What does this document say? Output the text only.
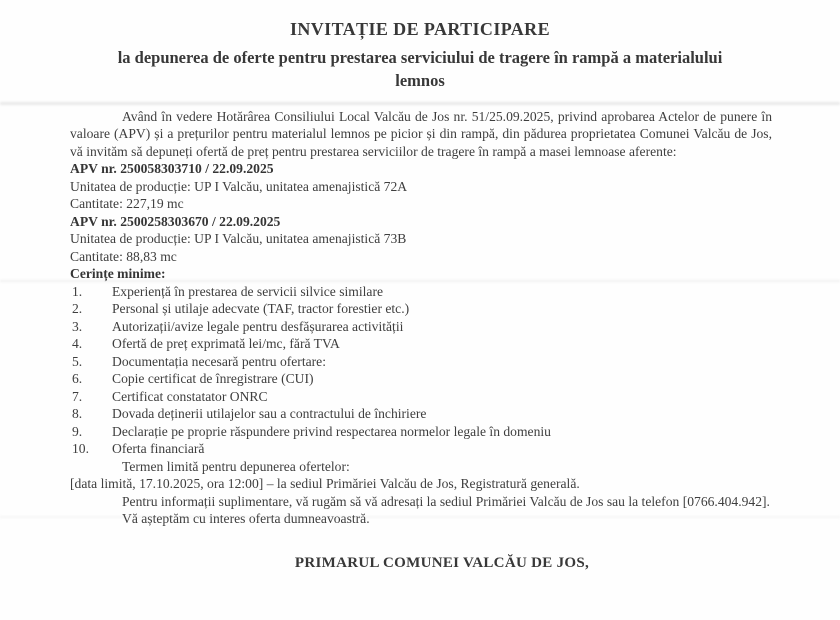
INVITAȚIE DE PARTICIPARE
la depunerea de oferte pentru prestarea serviciului de tragere în rampă a materialului lemnos

Având în vedere Hotărârea Consiliului Local Valcău de Jos nr. 51/25.09.2025, privind aprobarea Actelor de punere în valoare (APV) și a prețurilor pentru materialul lemnos pe picior și din rampă, din pădurea proprietatea Comunei Valcău de Jos, vă invităm să depuneți ofertă de preț pentru prestarea serviciilor de tragere în rampă a masei lemnoase aferente:

APV nr. 250058303710 / 22.09.2025
Unitatea de producție: UP I Valcău, unitatea amenajistică 72A
Cantitate: 227,19 mc
APV nr. 2500258303670 / 22.09.2025
Unitatea de producție: UP I Valcău, unitatea amenajistică 73B
Cantitate: 88,83 mc
Cerințe minime:
1.	Experiență în prestarea de servicii silvice similare
2.	Personal și utilaje adecvate (TAF, tractor forestier etc.)
3.	Autorizații/avize legale pentru desfășurarea activității
4.	Ofertă de preț exprimată lei/mc, fără TVA
5.	Documentația necesară pentru ofertare:
6.	Copie certificat de înregistrare (CUI)
7.	Certificat constatator ONRC
8.	Dovada deținerii utilajelor sau a contractului de închiriere
9.	Declarație pe proprie răspundere privind respectarea normelor legale în domeniu
10.	Oferta financiară
Termen limită pentru depunerea ofertelor:
[data limită, 17.10.2025, ora 12:00] – la sediul Primăriei Valcău de Jos, Registratură generală.

Pentru informații suplimentare, vă rugăm să vă adresați la sediul Primăriei Valcău de Jos sau la telefon [0766.404.942].

Vă așteptăm cu interes oferta dumneavoastră.
PRIMARUL COMUNEI VALCĂU DE JOS,
